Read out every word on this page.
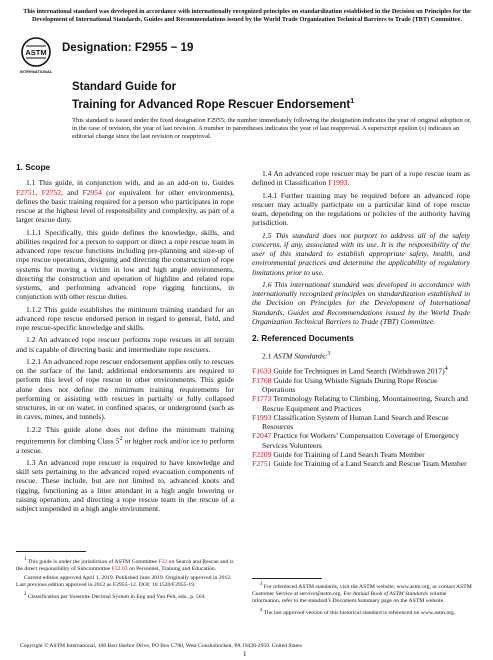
This international standard was developed in accordance with internationally recognized principles on standardization established in the Decision on Principles for the Development of International Standards, Guides and Recommendations issued by the World Trade Organization Technical Barriers to Trade (TBT) Committee.
ASTM
INTERNATIONAL
Designation: F2955 − 19
Standard Guide for
Training for Advanced Rope Rescuer Endorsement$^1$
This standard is issued under the fixed designation F2955; the number immediately following the designation indicates the year of original adoption or, in the case of revision, the year of last revision. A number in parentheses indicates the year of last reapproval. A superscript epsilon (ε) indicates an editorial change since the last revision or reapproval.
1. Scope

1.1 This guide, in conjunction with, and as an add-on to, Guides F2751, F2752, and F2954 (or equivalent for other environments), defines the basic training required for a person who participates in rope rescue at the highest level of responsibility and complexity, as part of a larger rescue duty.

1.1.1 Specifically, this guide defines the knowledge, skills, and abilities required for a person to support or direct a rope rescue team in advanced rope rescue functions including pre-planning and size-up of rope rescue operations, designing and directing the construction of rope systems for moving a victim in low and high angle environments, directing the construction and operation of highline and related rope systems, and performing advanced rope rigging functions, in conjunction with other rescue duties.

1.1.2 This guide establishes the minimum training standard for an advanced rope rescue endorsed person in regard to general, field, and rope rescue-specific knowledge and skills.

1.2 An advanced rope rescuer performs rope rescues in all terrain and is capable of directing basic and intermediate rope rescuers.

1.2.1 An advanced rope rescuer endorsement applies only to rescues on the surface of the land; additional endorsements are required to perform this level of rope rescue in other environments. This guide alone does not define the minimum training requirements for performing or assisting with rescues in partially or fully collapsed structures, in or on water, in confined spaces, or underground (such as in caves, mines, and tunnels).

1.2.2 This guide alone does not define the minimum training requirements for climbing Class $5^2$ or higher rock and/or ice to perform a rescue.

1.3 An advanced rope rescuer is required to have knowledge and skill sets pertaining to the advanced roped evacuation components of rescue. These include, but are not limited to, advanced knots and rigging, functioning as a litter attendant in a high angle lowering or raising operation, and directing a rope rescue team in the rescue of a subject suspended in a high angle environment.

1.4 An advanced rope rescuer may be part of a rope rescue team as defined in Classification F1993.

1.4.1 Further training may be required before an advanced rope rescuer may actually participate on a particular kind of rope rescue team, depending on the regulations or policies of the authority having jurisdiction.

1.5 This standard does not purport to address all of the safety concerns, if any, associated with its use. It is the responsibility of the user of this standard to establish appropriate safety, health, and environmental practices and determine the applicability of regulatory limitations prior to use.

1.6 This international standard was developed in accordance with internationally recognized principles on standardization established in the Decision on Principles for the Development of International Standards, Guides and Recommendations issued by the World Trade Organization Technical Barriers to Trade (TBT) Committee.

2. Referenced Documents

2.1 ASTM Standards:$^3$

F1633 Guide for Techniques in Land Search (Withdrawn 2017)$^4$
F1768 Guide for Using Whistle Signals During Rope Rescue Operations
F1773 Terminology Relating to Climbing, Mountaineering, Search and Rescue Equipment and Practices
F1993 Classification System of Human Land Search and Rescue Resources
F2047 Practice for Workers’ Compensation Coverage of Emergency Services Volunteers
F2209 Guide for Training of Land Search Team Member
F2751 Guide for Training of a Land Search and Rescue Team Member

$^1$ This guide is under the jurisdiction of ASTM Committee F32 on Search and Rescue and is the direct responsibility of Subcommittee F32.03 on Personnel, Training and Education.

Current edition approved April 1, 2019. Published June 2019. Originally approved in 2012. Last previous edition approved in 2012 as F2955–12. DOI: 10.1520/F2955-19.

$^2$ Classification per Yosemite Decimal System in Eng and Van Pelt, eds., p. 564.

$^3$ For referenced ASTM standards, visit the ASTM website, www.astm.org, or contact ASTM Customer Service at service@astm.org. For Annual Book of ASTM Standards volume information, refer to the standard’s Document Summary page on the ASTM website.

$^4$ The last approved version of this historical standard is referenced on www.astm.org.

Copyright © ASTM International, 100 Barr Harbor Drive, PO Box C700, West Conshohocken, PA 19428-2959. United States
1
